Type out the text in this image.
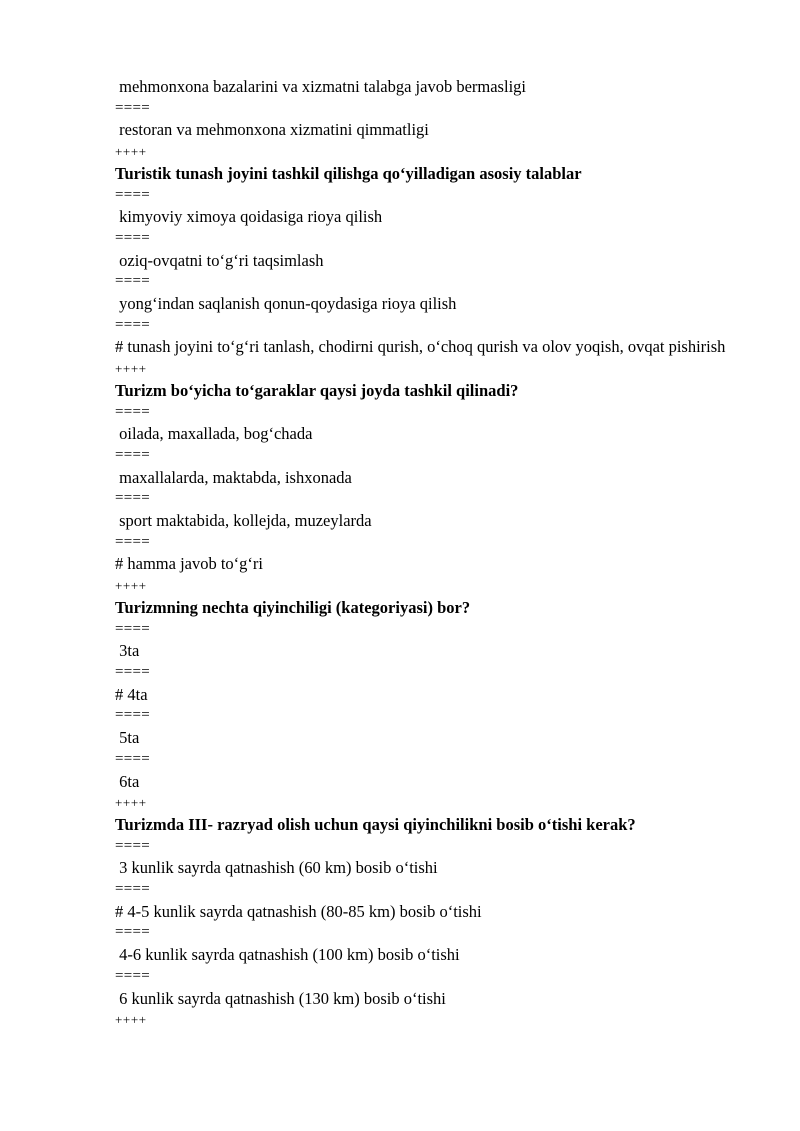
mehmonxona bazalarini va xizmatni talabga javob bermasligi
====
restoran va mehmonxona xizmatini qimmatligi
++++
Turistik tunash joyini tashkil qilishga qo‘yilladigan asosiy talablar
====
kimyoviy ximoya qoidasiga rioya qilish
====
oziq-ovqatni to‘g‘ri taqsimlash
====
yong‘indan saqlanish qonun-qoydasiga rioya qilish
====
# tunash joyini to‘g‘ri tanlash, chodirni qurish, o‘choq qurish va olov yoqish, ovqat pishirish
++++
Turizm bo‘yicha to‘garaklar qaysi joyda tashkil qilinadi?
====
oilada, maxallada, bog‘chada
====
maxallalarda, maktabda, ishxonada
====
sport maktabida, kollejda, muzeylarda
====
# hamma javob to‘g‘ri
++++
Turizmning nechta qiyinchiligi (kategoriyasi) bor?
====
3ta
====
# 4ta
====
5ta
====
6ta
++++
Turizmda III- razryad olish uchun qaysi qiyinchilikni bosib o‘tishi kerak?
====
3 kunlik sayrda qatnashish (60 km) bosib o‘tishi
====
# 4-5 kunlik sayrda qatnashish (80-85 km) bosib o‘tishi
====
4-6 kunlik sayrda qatnashish (100 km) bosib o‘tishi
====
6 kunlik sayrda qatnashish (130 km) bosib o‘tishi
++++
